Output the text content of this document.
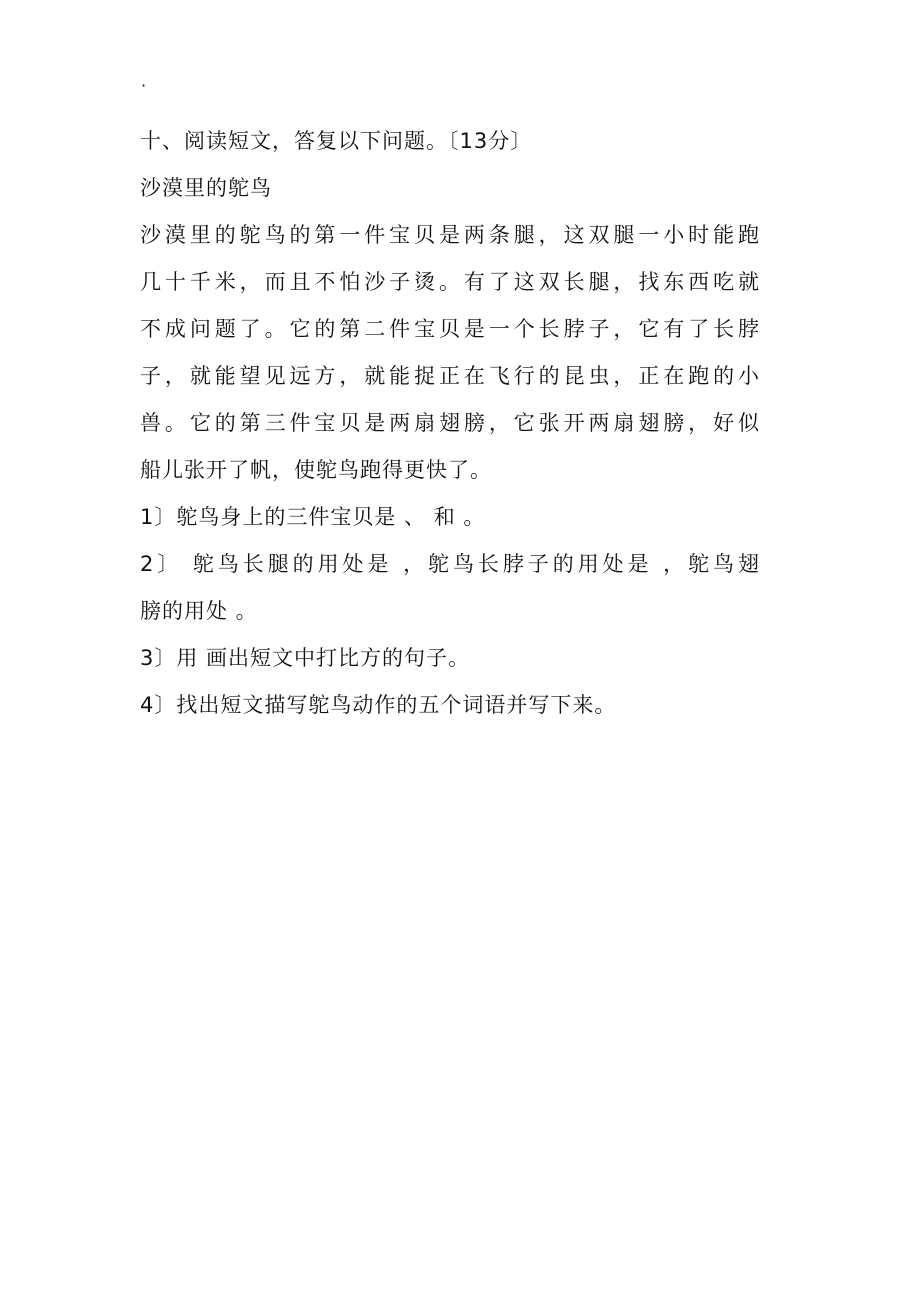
·
十、阅读短文，答复以下问题。〔13分〕
沙漠里的鸵鸟
沙漠里的鸵鸟的第一件宝贝是两条腿，这双腿一小时能跑
几十千米，而且不怕沙子烫。有了这双长腿，找东西吃就
不成问题了。它的第二件宝贝是一个长脖子，它有了长脖
子，就能望见远方，就能捉正在飞行的昆虫，正在跑的小
兽。它的第三件宝贝是两扇翅膀，它张开两扇翅膀，好似
船儿张开了帆，使鸵鸟跑得更快了。
1〕鸵鸟身上的三件宝贝是 、 和 。
2〕 鸵鸟长腿的用处是 ，鸵鸟长脖子的用处是 ，鸵鸟翅
膀的用处 。
3〕用 画出短文中打比方的句子。
4〕找出短文描写鸵鸟动作的五个词语并写下来。
